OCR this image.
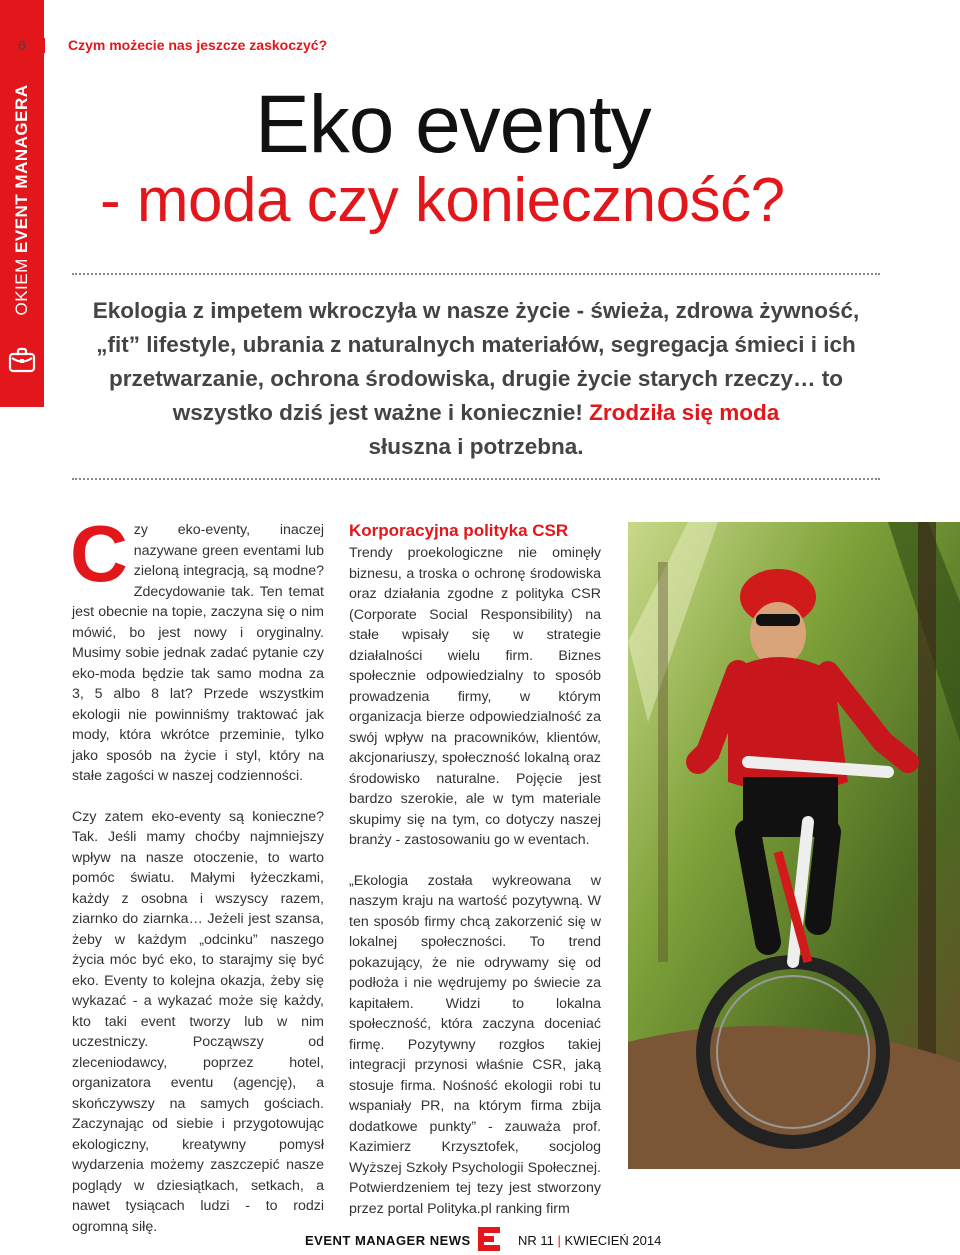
OKIEM EVENT MANAGERA
6	Czym możecie nas jeszcze zaskoczyć?
Eko eventy
- moda czy konieczność?
Ekologia z impetem wkroczyła w nasze życie - świeża, zdrowa żywność, „fit” lifestyle, ubrania z naturalnych materiałów, segregacja śmieci i ich przetwarzanie, ochrona środowiska, drugie życie starych rzeczy… to wszystko dziś jest ważne i koniecznie! Zrodziła się moda
słuszna i potrzebna.

Czy eko-eventy, inaczej nazywane green eventami lub zieloną integracją, są modne? Zdecydowanie tak. Ten temat jest obecnie na topie, zaczyna się o nim mówić, bo jest nowy i oryginalny. Musimy sobie jednak zadać pytanie czy eko-moda będzie tak samo modna za 3, 5 albo 8 lat? Przede wszystkim ekologii nie powinniśmy traktować jak mody, która wkrótce przeminie, tylko jako sposób na życie i styl, który na stałe zagości w naszej codzienności.

Czy zatem eko-eventy są konieczne? Tak. Jeśli mamy choćby najmniejszy wpływ na nasze otoczenie, to warto pomóc światu. Małymi łyżeczkami, każdy z osobna i wszyscy razem, ziarnko do ziarnka… Jeżeli jest szansa, żeby w każdym „odcinku” naszego życia móc być eko, to starajmy się być eko. Eventy to kolejna okazja, żeby się wykazać - a wykazać może się każdy, kto taki event tworzy lub w nim uczestniczy. Począwszy od zleceniodawcy, poprzez hotel, organizatora eventu (agencję), a skończywszy na samych gościach. Zaczynając od siebie i przygotowując ekologiczny, kreatywny pomysł wydarzenia możemy zaszczepić nasze poglądy w dziesiątkach, setkach, a nawet tysiącach ludzi - to rodzi ogromną siłę.

Korporacyjna polityka CSR

Trendy proekologiczne nie ominęły biznesu, a troska o ochronę środowiska oraz działania zgodne z polityka CSR (Corporate Social Responsibility) na stałe wpisały się w strategie działalności wielu firm. Biznes społecznie odpowiedzialny to sposób prowadzenia firmy, w którym organizacja bierze odpowiedzialność za swój wpływ na pracowników, klientów, akcjonariuszy, społeczność lokalną oraz środowisko naturalne. Pojęcie jest bardzo szerokie, ale w tym materiale skupimy się na tym, co dotyczy naszej branży - zastosowaniu go w eventach.

„Ekologia została wykreowana w naszym kraju na wartość pozytywną. W ten sposób firmy chcą zakorzenić się w lokalnej społeczności. To trend pokazujący, że nie odrywamy się od podłoża i nie wędrujemy po świecie za kapitałem. Widzi to lokalna społeczność, która zaczyna doceniać firmę. Pozytywny rozgłos takiej integracji przynosi właśnie CSR, jaką stosuje firma. Nośność ekologii robi tu wspaniały PR, na którym firma zbija dodatkowe punkty” - zauważa prof. Kazimierz Krzysztofek, socjolog Wyższej Szkoły Psychologii Społecznej. Potwierdzeniem tej tezy jest stworzony przez portal Polityka.pl ranking firm

EVENT MANAGER NEWS	NR 11 | KWIECIEŃ 2014
